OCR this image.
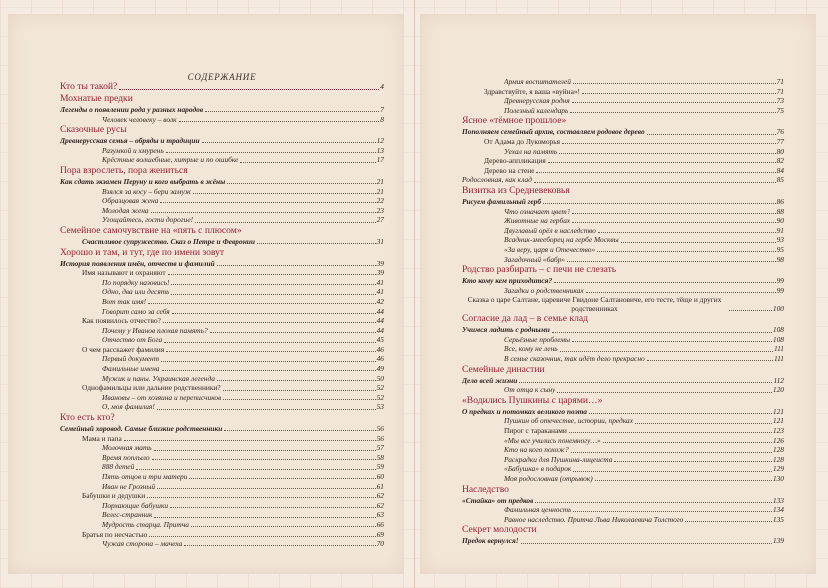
СОДЕРЖАНИЕ
Кто ты такой?	4
Мохнатые предки
Легенды о появлении рода у разных народов	7
Человек человеку – волк	8
Сказочные русы
Древнерусская семья – обряды и традиции	12
Разумкой и хмурень	13
Крёстные волшебные, хитрые и по ошибке	17
Пора взрослеть, пора жениться
Как сдать экзамен Перуну и кого выбрать в жёны	21
Взялся за косу – бери замуж	21
Образцовая жена	22
Молодая жена	23
Угощайтесь, гости дорогие!	27
Семейное самочувствие на «пять с плюсом»
Счастливое супружество. Сказ о Петре и Февронии	31
Хорошо и там, и тут, где по имени зовут
История появления имён, отчеств и фамилий	39
Имя называют и охраняют	39
По порядку назовись!	41
Одно, два или десять	41
Вот так имя!	42
Говорит само за себя	44
Как появилось отчество?	44
Почему у Иванов плохая память?	44
Отчество от Бога	45
О чем расскажет фамилия	46
Первый документ	46
Фамильные имена	49
Мужик и паны. Украинская легенда	50
Однофамильцы или дальние родственники?	52
Ивановы – от хозяина и переписчиков	52
О, моя фамилия!	53
Кто есть кто?
Семейный хоровод. Самые близкие родственники	56
Мама и папа	56
Молочная мать	57
Время поплыло	58
888 детей	59
Пять отцов и три матери	60
Иван не Грозный	61
Бабушки и дедушки	62
Порхающие бабушки	62
Велес-странник	63
Мудрость старца. Притча	66
Братья по несчастью	69
Чужая сторона – мачеха	70
Армия воспитателей	71
Здравствуйте, я ваша «вуйна»!	71
Древнерусская родня	73
Полезный календарь	75
Ясное «тёмное прошлое»
Пополняем семейный архив, составляем родовое дерево	76
От Адама до Лукоморья	77
Уехал на память	80
Дерево-аппликация	82
Дерево на стене	84
Родословная, как клад	85
Визитка из Средневековья
Рисуем фамильный герб	86
Что означает цвет?	88
Животные на гербах	90
Двуглавый орёл в наследство	91
Всадник-змееборец на гербе Москвы	93
«За веру, царя и Отечество»	95
Загадочный «бабр»	98
Родство разбирать – с печи не слезать
Кто кому кем приходится?	99
Загадки о родственниках	99
Сказка о царе Салтане, царевиче Гвидоне Салтановиче, его тесте, тёще и других родственниках	100
Согласие да лад – в семье клад
Учимся ладить с родными	108
Серьёзные проблемы	108
Все, кому не лень	111
В семье сказочник, так идёт дело прекрасно	111
Семейные династии
Дело всей жизни	112
От отца к сыну	120
«Водились Пушкины с царями…»
О предках и потомках великого поэта	121
Пушкин об отечестве, истории, предках	121
Пирог с тараканами	123
«Мы все учились понемногу…»	126
Кто на кого похож?	128
Раскрадки для Пушкина-лицеиста	128
«Бабушка» в подарок	129
Моя родословная (отрывок)	130
Наследство
«Стайка» от предков	133
Фамильная ценность	134
Равное наследство. Притча Льва Николаевича Толстого	135
Секрет молодости
Предок вернулся!	139
